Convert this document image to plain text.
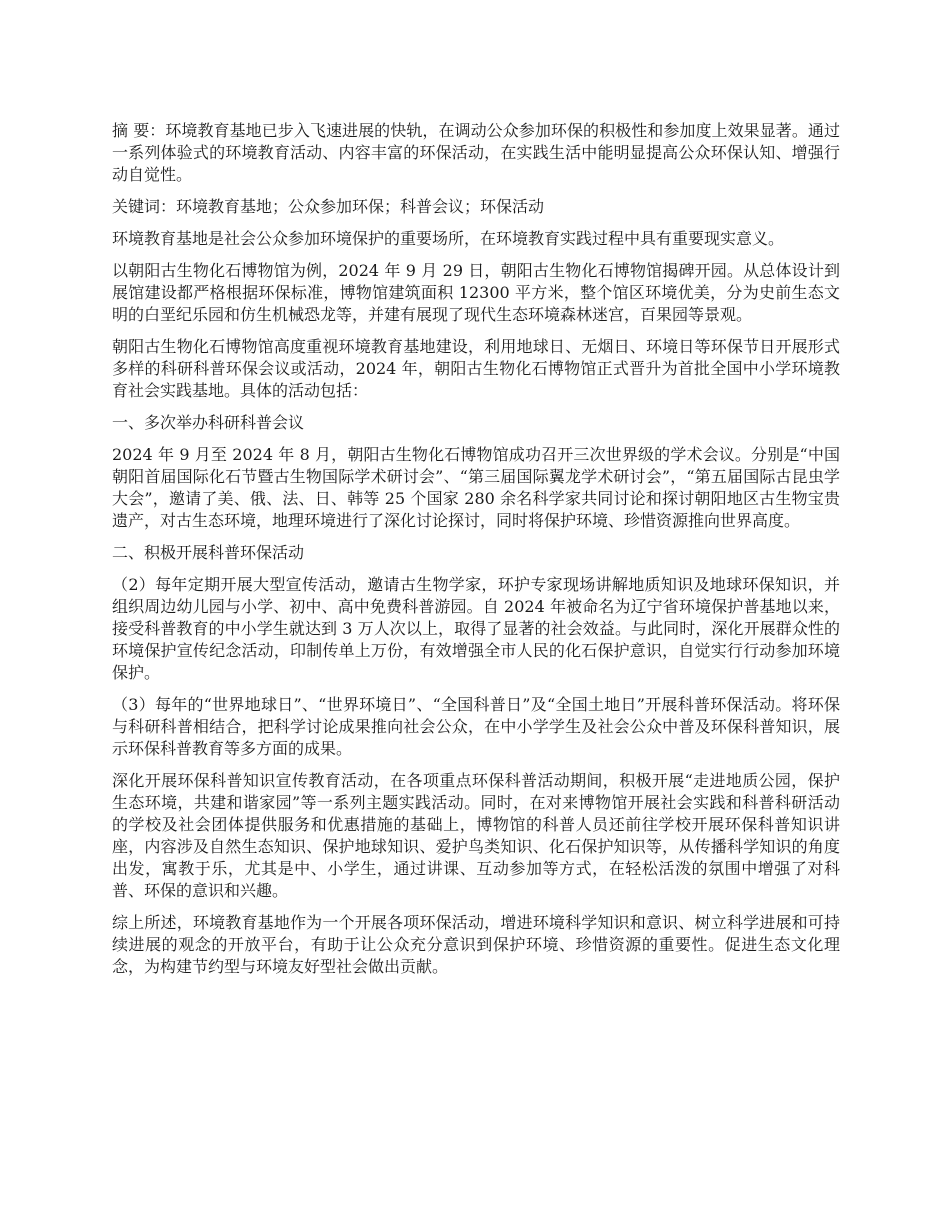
摘 要：环境教育基地已步入飞速进展的快轨，在调动公众参加环保的积极性和参加度上效果显著。通过一系列体验式的环境教育活动、内容丰富的环保活动，在实践生活中能明显提高公众环保认知、增强行动自觉性。

关键词：环境教育基地；公众参加环保；科普会议；环保活动

环境教育基地是社会公众参加环境保护的重要场所，在环境教育实践过程中具有重要现实意义。

以朝阳古生物化石博物馆为例，2024 年 9 月 29 日，朝阳古生物化石博物馆揭碑开园。从总体设计到展馆建设都严格根据环保标准，博物馆建筑面积 12300 平方米，整个馆区环境优美，分为史前生态文明的白垩纪乐园和仿生机械恐龙等，并建有展现了现代生态环境森林迷宫，百果园等景观。

朝阳古生物化石博物馆高度重视环境教育基地建设，利用地球日、无烟日、环境日等环保节日开展形式多样的科研科普环保会议或活动，2024 年，朝阳古生物化石博物馆正式晋升为首批全国中小学环境教育社会实践基地。具体的活动包括：

一、多次举办科研科普会议

2024 年 9 月至 2024 年 8 月，朝阳古生物化石博物馆成功召开三次世界级的学术会议。分别是“中国朝阳首届国际化石节暨古生物国际学术研讨会”、“第三届国际翼龙学术研讨会”，“第五届国际古昆虫学大会”，邀请了美、俄、法、日、韩等 25 个国家 280 余名科学家共同讨论和探讨朝阳地区古生物宝贵遗产，对古生态环境，地理环境进行了深化讨论探讨，同时将保护环境、珍惜资源推向世界高度。

二、积极开展科普环保活动

（2）每年定期开展大型宣传活动，邀请古生物学家，环护专家现场讲解地质知识及地球环保知识，并组织周边幼儿园与小学、初中、高中免费科普游园。自 2024 年被命名为辽宁省环境保护普基地以来，接受科普教育的中小学生就达到 3 万人次以上，取得了显著的社会效益。与此同时，深化开展群众性的环境保护宣传纪念活动，印制传单上万份，有效增强全市人民的化石保护意识，自觉实行行动参加环境保护。

（3）每年的“世界地球日”、“世界环境日”、“全国科普日”及“全国土地日”开展科普环保活动。将环保与科研科普相结合，把科学讨论成果推向社会公众，在中小学学生及社会公众中普及环保科普知识，展示环保科普教育等多方面的成果。

深化开展环保科普知识宣传教育活动，在各项重点环保科普活动期间，积极开展“走进地质公园，保护生态环境，共建和谐家园”等一系列主题实践活动。同时，在对来博物馆开展社会实践和科普科研活动的学校及社会团体提供服务和优惠措施的基础上，博物馆的科普人员还前往学校开展环保科普知识讲座，内容涉及自然生态知识、保护地球知识、爱护鸟类知识、化石保护知识等，从传播科学知识的角度出发，寓教于乐，尤其是中、小学生，通过讲课、互动参加等方式，在轻松活泼的氛围中增强了对科普、环保的意识和兴趣。

综上所述，环境教育基地作为一个开展各项环保活动，增进环境科学知识和意识、树立科学进展和可持续进展的观念的开放平台，有助于让公众充分意识到保护环境、珍惜资源的重要性。促进生态文化理念，为构建节约型与环境友好型社会做出贡献。
